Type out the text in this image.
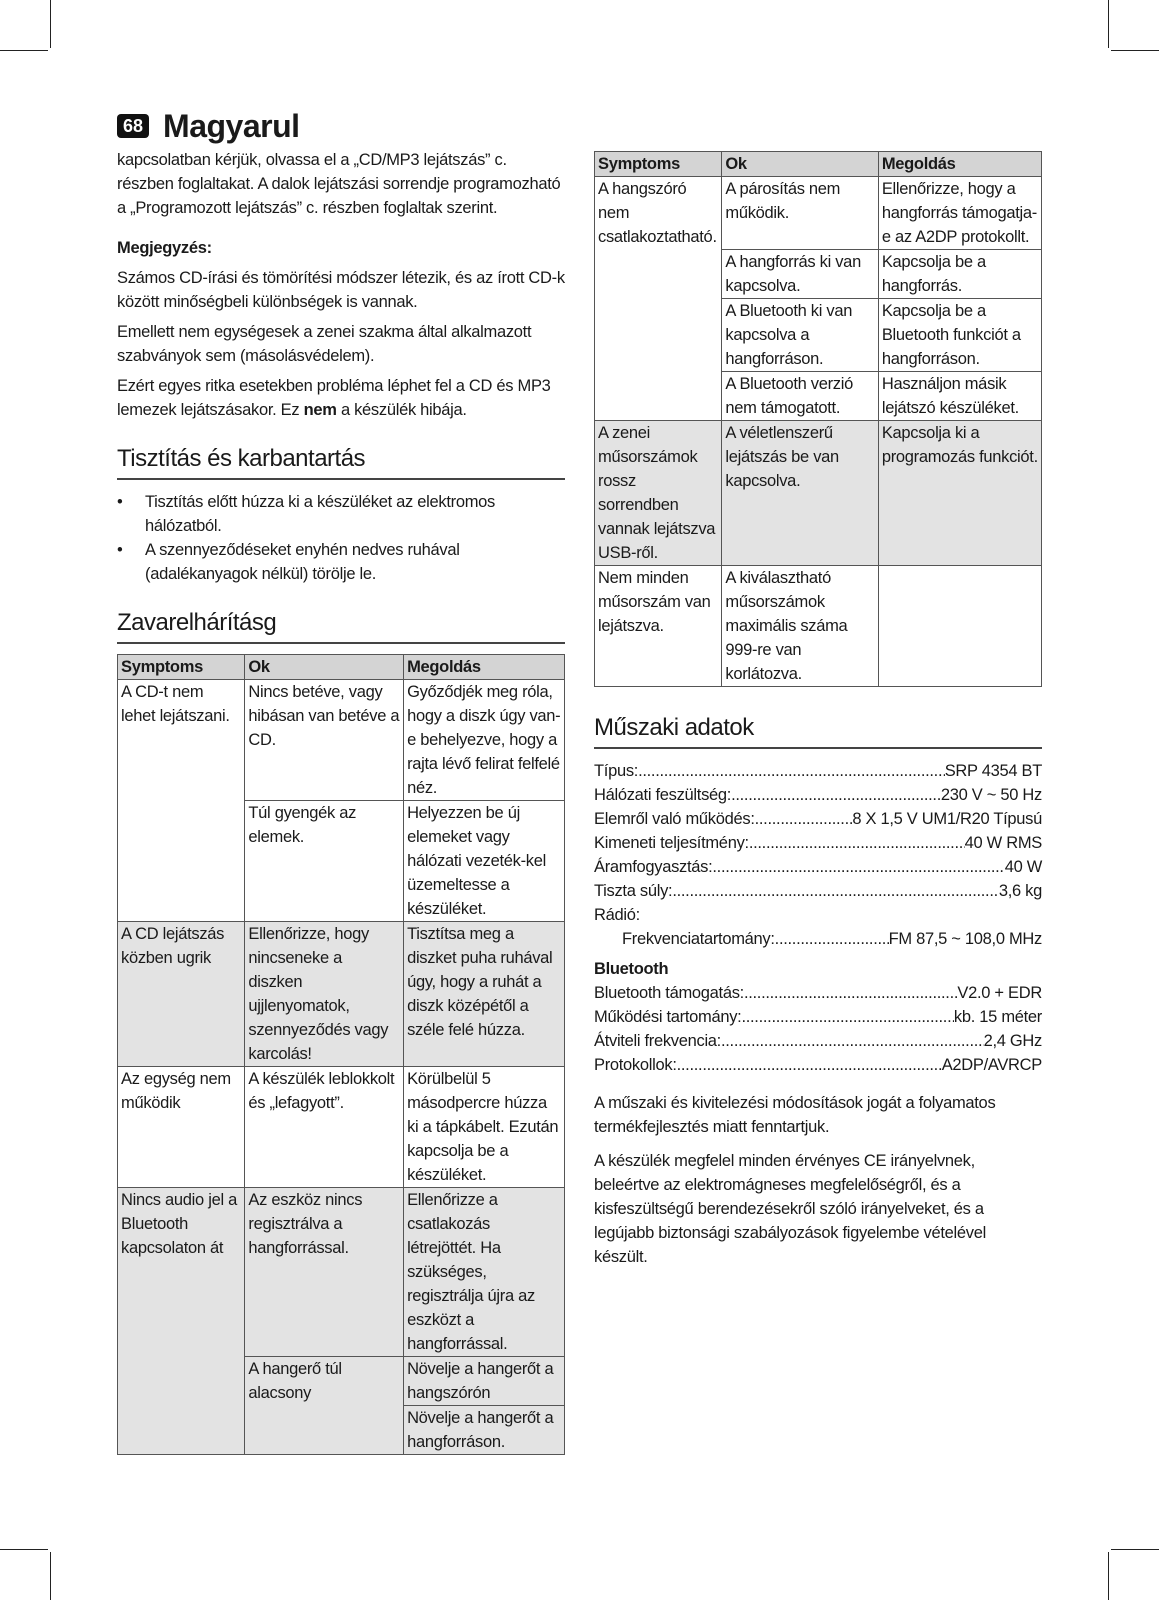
68 Magyarul

kapcsolatban kérjük, olvassa el a „CD/MP3 lejátszás” c. részben foglaltakat. A dalok lejátszási sorrendje programozható a „Programozott lejátszás” c. részben foglaltak szerint.

Megjegyzés:

Számos CD-írási és tömörítési módszer létezik, és az írott CD-k között minőségbeli különbségek is vannak.

Emellett nem egységesek a zenei szakma által alkalmazott szabványok sem (másolásvédelem).

Ezért egyes ritka esetekben probléma léphet fel a CD és MP3 lemezek lejátszásakor. Ez nem a készülék hibája.

Tisztítás és karbantartás
• Tisztítás előtt húzza ki a készüléket az elektromos hálózatból.
• A szennyeződéseket enyhén nedves ruhával (adalékanyagok nélkül) törölje le.
Zavarelhárításg
Symptoms	Ok	Megoldás
A CD-t nem lehet lejátszani.	Nincs betéve, vagy hibásan van betéve a CD.	Győződjék meg róla, hogy a diszk úgy van-e behelyezve, hogy a rajta lévő felirat felfelé néz.
	Túl gyengék az elemek.	Helyezzen be új elemeket vagy hálózati vezeték-kel üzemeltesse a készüléket.
A CD lejátszás közben ugrik	Ellenőrizze, hogy nincseneke a diszken ujjlenyomatok, szennyeződés vagy karcolás!	Tisztítsa meg a diszket puha ruhával úgy, hogy a ruhát a diszk középétől a széle felé húzza.
Az egység nem működik	A készülék leblokkolt és „lefagyott”.	Körülbelül 5 másodpercre húzza ki a tápkábelt. Ezután kapcsolja be a készüléket.
Nincs audio jel a Bluetooth kapcsolaton át	Az eszköz nincs regisztrálva a hangforrással.	Ellenőrizze a csatlakozás létrejöttét. Ha szükséges, regisztrálja újra az eszközt a hangforrással.
	A hangerő túl alacsony	Növelje a hangerőt a hangszórón
		Növelje a hangerőt a hangforráson.
Symptoms	Ok	Megoldás
A hangszóró nem csatlakoztatható.	A párosítás nem működik.	Ellenőrizze, hogy a hangforrás támogatja-e az A2DP protokollt.
	A hangforrás ki van kapcsolva.	Kapcsolja be a hangforrás.
	A Bluetooth ki van kapcsolva a hangforráson.	Kapcsolja be a Bluetooth funkciót a hangforráson.
	A Bluetooth verzió nem támogatott.	Használjon másik lejátszó készüléket.
A zenei műsorszámok rossz sorrendben vannak lejátszva USB-ről.	A véletlenszerű lejátszás be van kapcsolva.	Kapcsolja ki a programozás funkciót.
Nem minden műsorszám van lejátszva.	A kiválasztható műsorszámok maximális száma 999-re van korlátozva.	
Műszaki adatok
Típus: .....	SRP 4354 BT
Hálózati feszültség: .....	230 V ~ 50 Hz
Elemről való működés: .....	8 X 1,5 V UM1/R20 Típusú
Kimeneti teljesítmény: .....	40 W RMS
Áramfogyasztás: .....	40 W
Tiszta súly: .....	3,6 kg
Rádió:
Frekvenciatartomány: .....	FM 87,5 ~ 108,0 MHz
Bluetooth
Bluetooth támogatás: .....	V2.0 + EDR
Működési tartomány: .....	kb. 15 méter
Átviteli frekvencia: .....	2,4 GHz
Protokollok: .....	A2DP/AVRCP

A műszaki és kivitelezési módosítások jogát a folyamatos termékfejlesztés miatt fenntartjuk.

A készülék megfelel minden érvényes CE irányelvnek, beleértve az elektromágneses megfelelőségről, és a kisfeszültségű berendezésekről szóló irányelveket, és a legújabb biztonsági szabályozások figyelembe vételével készült.
